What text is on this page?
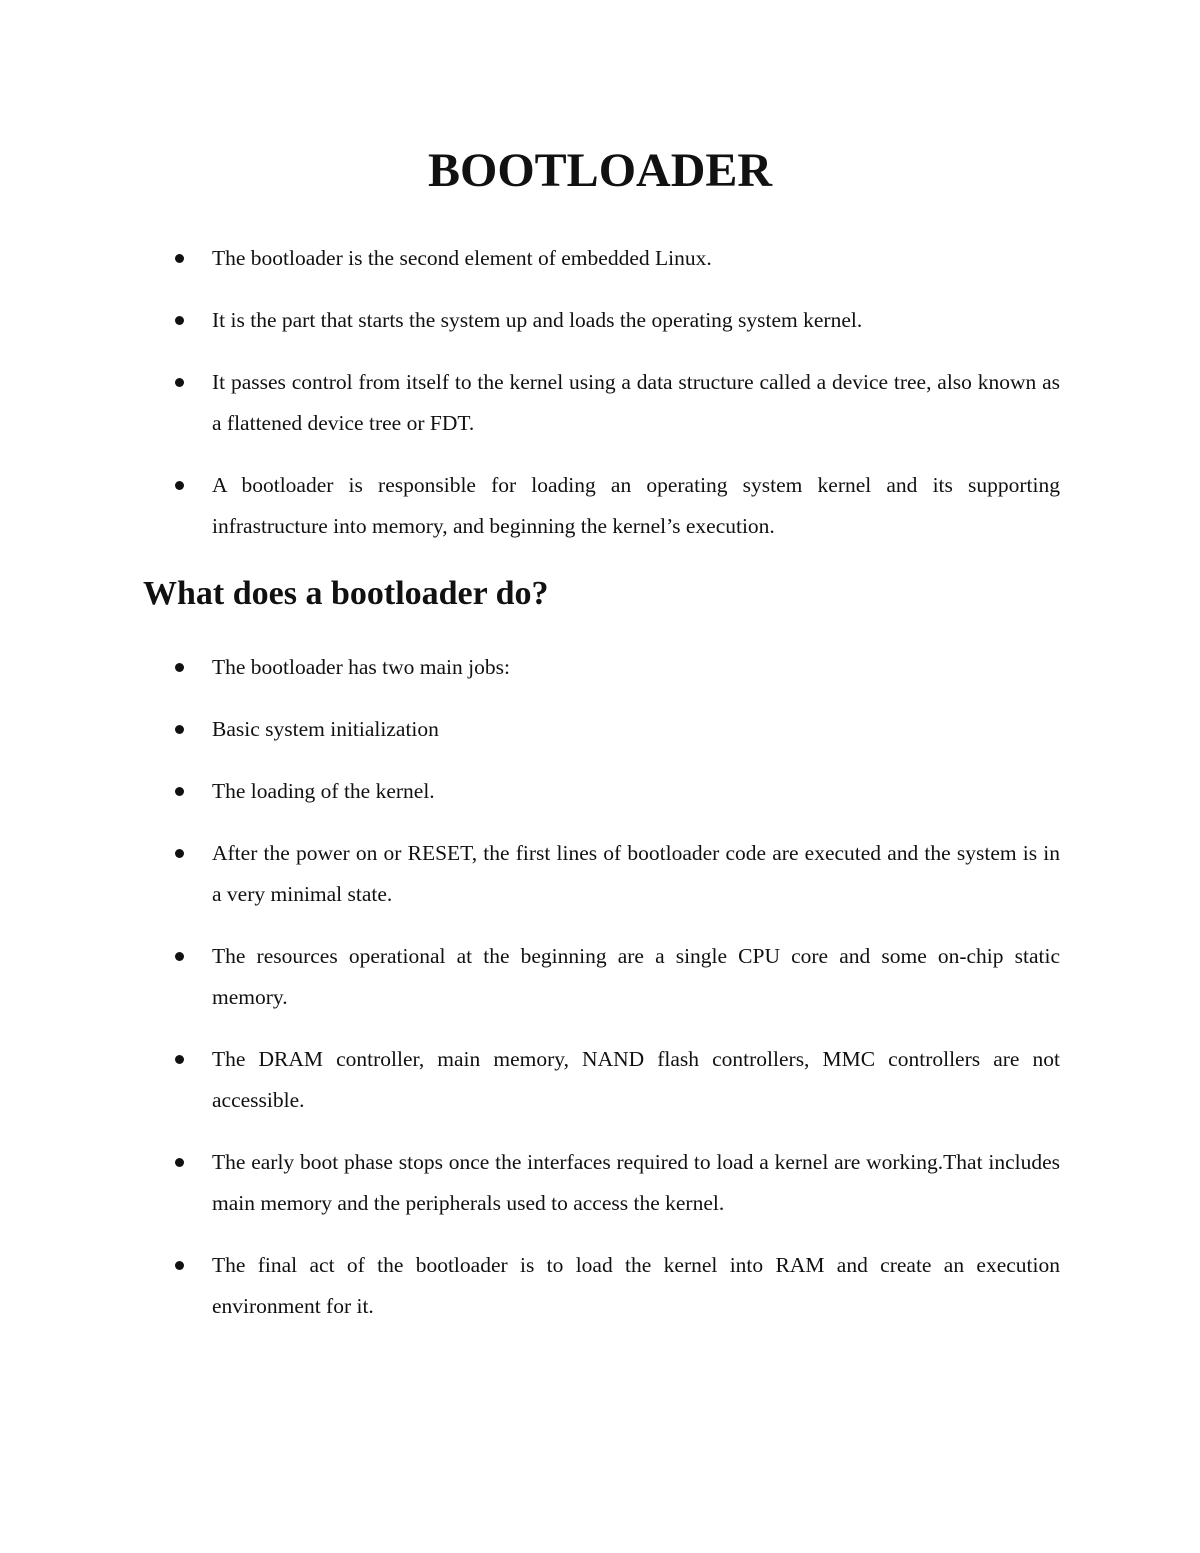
BOOTLOADER
The bootloader is the second element of embedded Linux.
It is the part that starts the system up and loads the operating system kernel.
It passes control from itself to the kernel using a data structure called a device tree, also known as a flattened device tree or FDT.
A bootloader is responsible for loading an operating system kernel and its supporting infrastructure into memory, and beginning the kernel’s execution.
What does a bootloader do?
The bootloader has two main jobs:
Basic system initialization
The loading of the kernel.
After the power on or RESET, the first lines of bootloader code are executed and the system is in a very minimal state.
The resources operational at the beginning are a single CPU core and some on-chip static memory.
The DRAM controller, main memory, NAND flash controllers, MMC controllers are not accessible.
The early boot phase stops once the interfaces required to load a kernel are working.That includes main memory and the peripherals used to access the kernel.
The final act of the bootloader is to load the kernel into RAM and create an execution environment for it.
